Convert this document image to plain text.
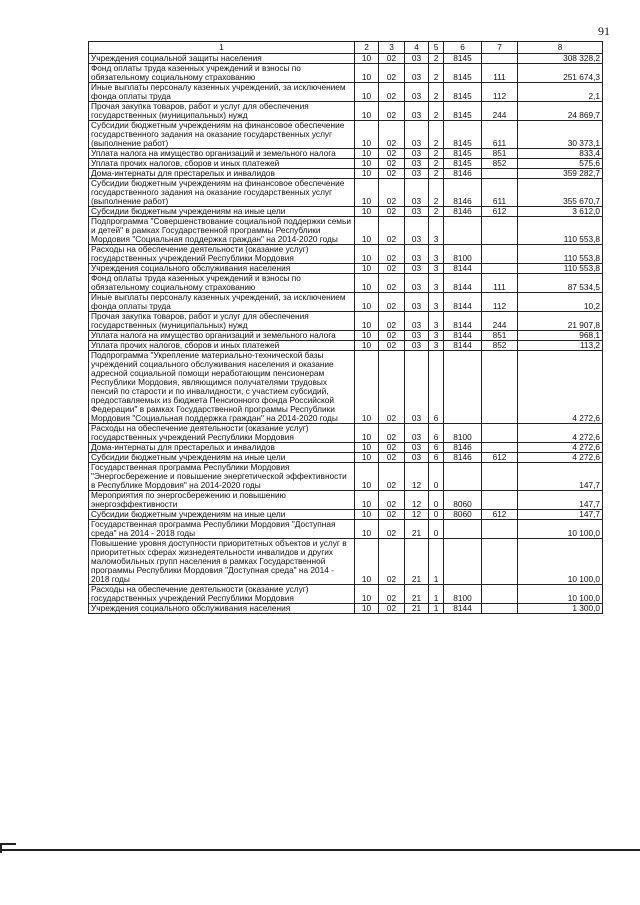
91
1	2	3	4	5	6	7	8
Учреждения социальной защиты населения	10	02	03	2	8145		308 328,2
Фонд оплаты труда казенных учреждений и взносы по обязательному социальному страхованию	10	02	03	2	8145	111	251 674,3
Иные выплаты персоналу казенных учреждений, за исключением фонда оплаты труда	10	02	03	2	8145	112	2,1
Прочая закупка товаров, работ и услуг для обеспечения государственных (муниципальных) нужд	10	02	03	2	8145	244	24 869,7
Субсидии бюджетным учреждениям на финансовое обеспечение государственного задания на оказание государственных услуг (выполнение работ)	10	02	03	2	8145	611	30 373,1
Уплата налога на имущество организаций и земельного налога	10	02	03	2	8145	851	833,4
Уплата прочих налогов, сборов и иных платежей	10	02	03	2	8145	852	575,6
Дома-интернаты для престарелых и инвалидов	10	02	03	2	8146		359 282,7
Субсидии бюджетным учреждениям на финансовое обеспечение государственного задания на оказание государственных услуг (выполнение работ)	10	02	03	2	8146	611	355 670,7
Субсидии бюджетным учреждениям на иные цели	10	02	03	2	8146	612	3 612,0
Подпрограмма "Совершенствование социальной поддержки семьи и детей" в рамках Государственной программы Республики Мордовия "Социальная поддержка граждан" на 2014-2020 годы	10	02	03	3			110 553,8
Расходы на обеспечение деятельности (оказание услуг) государственных учреждений Республики Мордовия	10	02	03	3	8100		110 553,8
Учреждения социального обслуживания населения	10	02	03	3	8144		110 553,8
Фонд оплаты труда казенных учреждений и взносы по обязательному социальному страхованию	10	02	03	3	8144	111	87 534,5
Иные выплаты персоналу казенных учреждений, за исключением фонда оплаты труда	10	02	03	3	8144	112	10,2
Прочая закупка товаров, работ и услуг для обеспечения государственных (муниципальных) нужд	10	02	03	3	8144	244	21 907,8
Уплата налога на имущество организаций и земельного налога	10	02	03	3	8144	851	968,1
Уплата прочих налогов, сборов и иных платежей	10	02	03	3	8144	852	113,2
Подпрограмма "Укрепление материально-технической базы учреждений социального обслуживания населения и оказание адресной социальной помощи неработающим пенсионерам Республики Мордовия, являющимся получателями трудовых пенсий по старости и по инвалидности, с участием субсидий, предоставляемых из бюджета Пенсионного фонда Российской Федерации" в рамках Государственной программы Республики Мордовия "Социальная поддержка граждан" на 2014-2020 годы	10	02	03	6			4 272,6
Расходы на обеспечение деятельности (оказание услуг) государственных учреждений Республики Мордовия	10	02	03	6	8100		4 272,6
Дома-интернаты для престарелых и инвалидов	10	02	03	6	8146		4 272,6
Субсидии бюджетным учреждениям на иные цели	10	02	03	6	8146	612	4 272,6
Государственная программа Республики Мордовия "Энергосбережение и повышение энергетической эффективности в Республике Мордовия" на 2014-2020 годы	10	02	12	0			147,7
Мероприятия по энергосбережению и повышению энергоэффективности	10	02	12	0	8060		147,7
Субсидии бюджетным учреждениям на иные цели	10	02	12	0	8060	612	147,7
Государственная программа Республики Мордовия "Доступная среда" на 2014 - 2018 годы	10	02	21	0			10 100,0
Повышение уровня доступности приоритетных объектов и услуг в приоритетных сферах жизнедеятельности инвалидов и других маломобильных групп населения в рамках Государственной программы Республики Мордовия "Доступная среда" на 2014 - 2018 годы	10	02	21	1			10 100,0
Расходы на обеспечение деятельности (оказание услуг) государственных учреждений Республики Мордовия	10	02	21	1	8100		10 100,0
Учреждения социального обслуживания населения	10	02	21	1	8144		1 300,0
